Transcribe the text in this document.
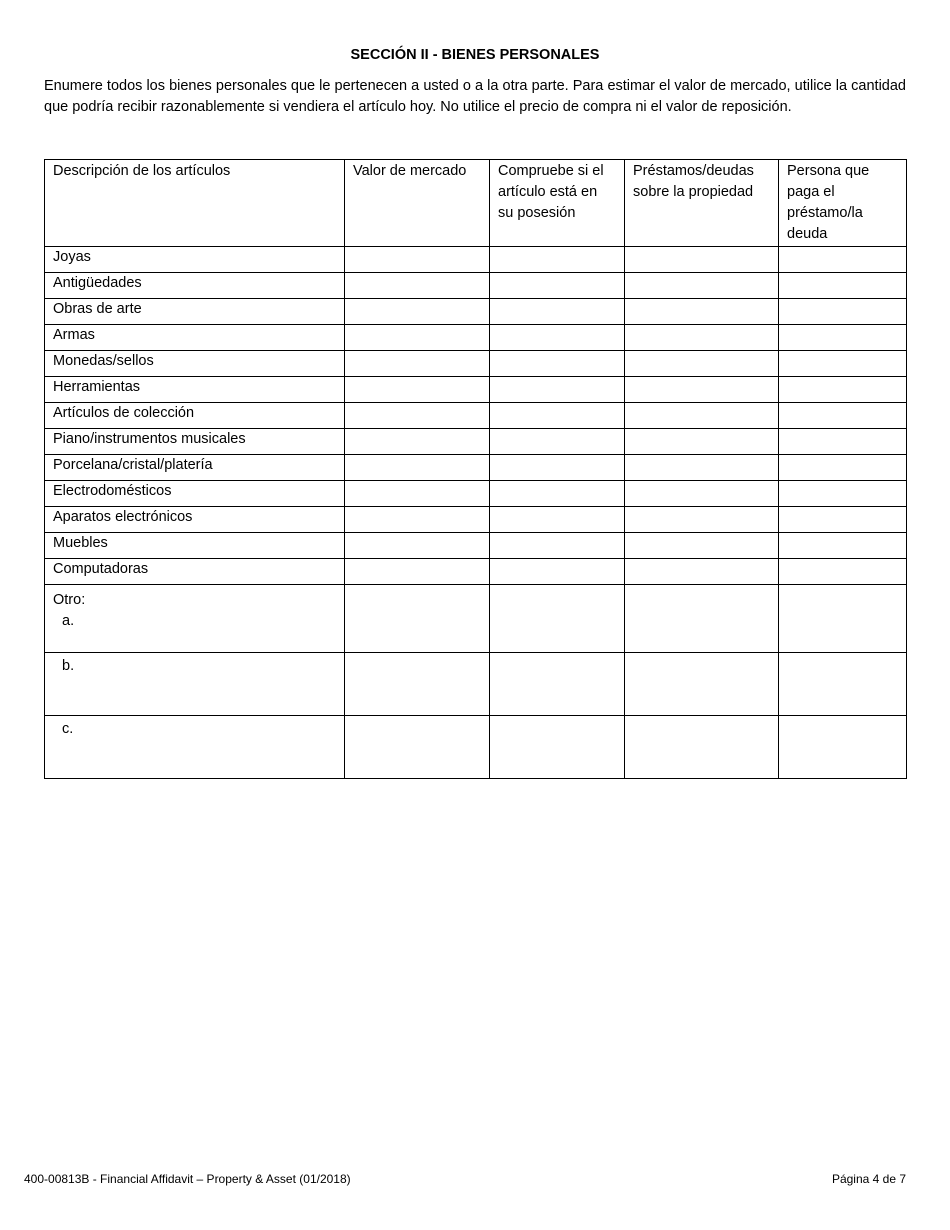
SECCIÓN II - BIENES PERSONALES

Enumere todos los bienes personales que le pertenecen a usted o a la otra parte. Para estimar el valor de mercado, utilice la cantidad que podría recibir razonablemente si vendiera el artículo hoy. No utilice el precio de compra ni el valor de reposición.

Descripción de los artículos	Valor de mercado	Compruebe si el artículo está en su posesión	Préstamos/deudas sobre la propiedad	Persona que paga el préstamo/la deuda
Joyas				
Antigüedades				
Obras de arte				
Armas				
Monedas/sellos				
Herramientas				
Artículos de colección				
Piano/instrumentos musicales				
Porcelana/cristal/platería				
Electrodomésticos				
Aparatos electrónicos				
Muebles				
Computadoras				
Otro:
a.				

b.				

c.				

400-00813B - Financial Affidavit – Property & Asset (01/2018)	Página 4 de 7
